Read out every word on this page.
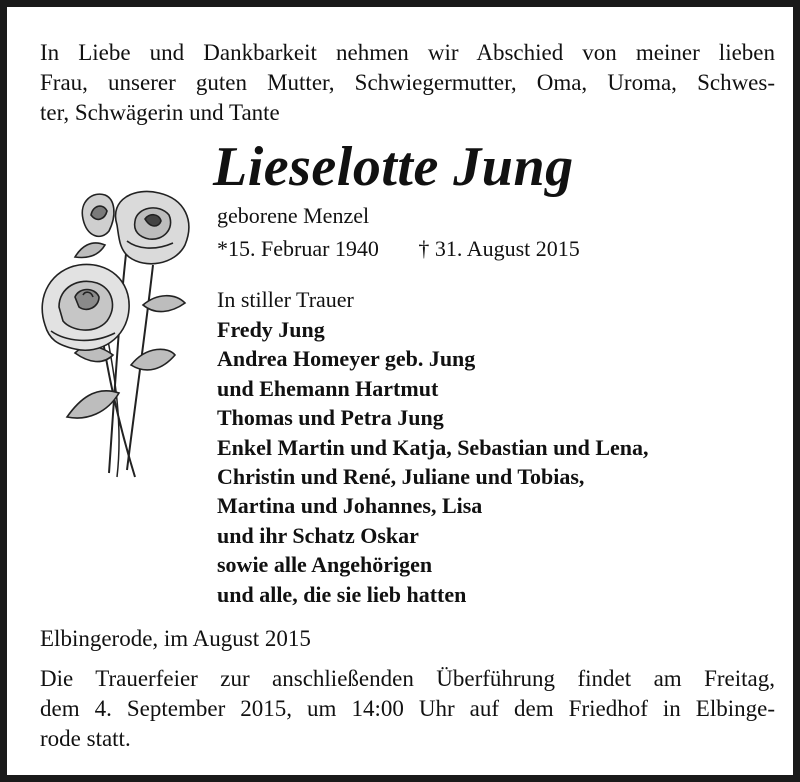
In Liebe und Dankbarkeit nehmen wir Abschied von meiner lieben
Frau, unserer guten Mutter, Schwiegermutter, Oma, Uroma, Schwes-
ter, Schwägerin und Tante
Lieselotte Jung
geborene Menzel
*15. Februar 1940 † 31. August 2015
In stiller Trauer
Fredy Jung
Andrea Homeyer geb. Jung
und Ehemann Hartmut
Thomas und Petra Jung
Enkel Martin und Katja, Sebastian und Lena,
Christin und René, Juliane und Tobias,
Martina und Johannes, Lisa
und ihr Schatz Oskar
sowie alle Angehörigen
und alle, die sie lieb hatten
Elbingerode, im August 2015
Die Trauerfeier zur anschließenden Überführung findet am Freitag,
dem 4. September 2015, um 14:00 Uhr auf dem Friedhof in Elbinge-
rode statt.
